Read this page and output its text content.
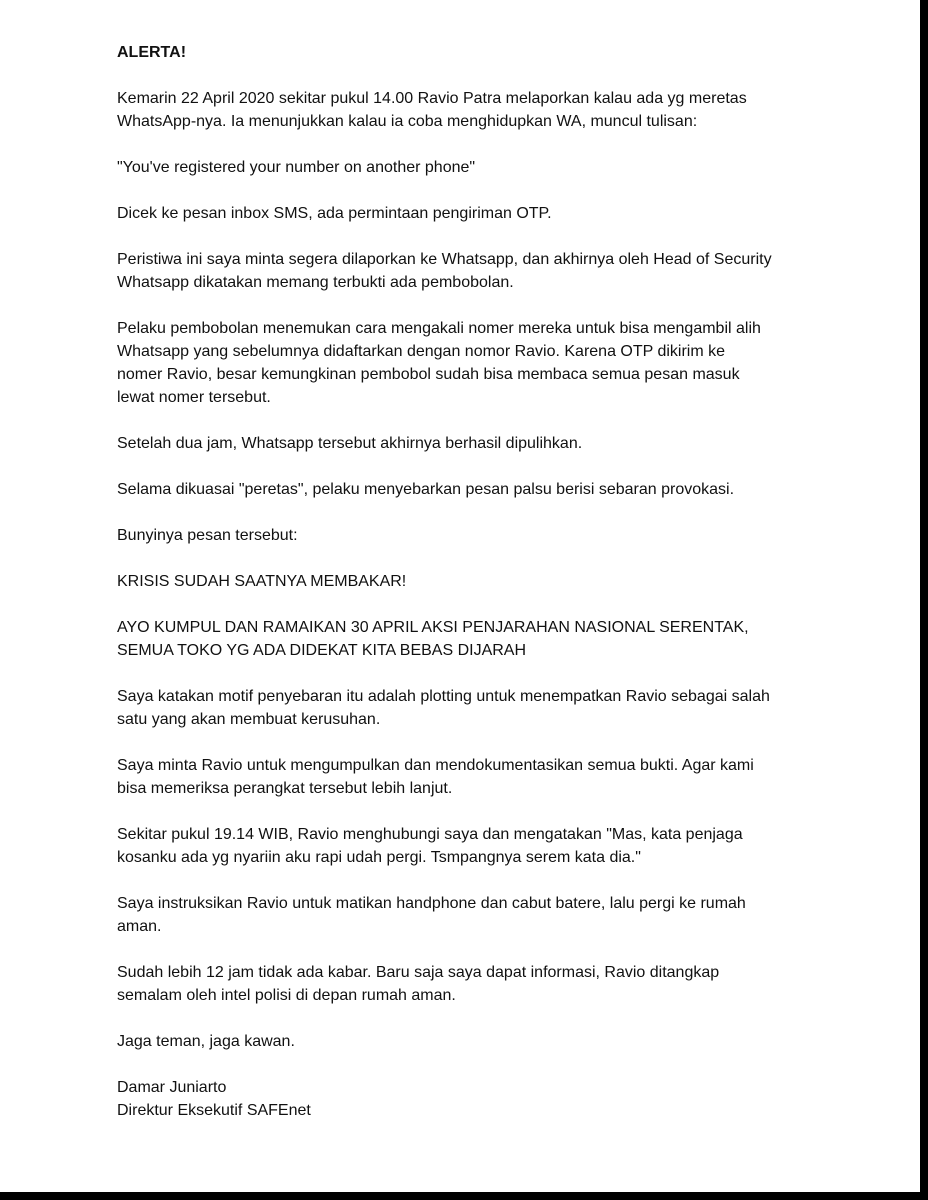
ALERTA!
Kemarin 22 April 2020 sekitar pukul 14.00 Ravio Patra melaporkan kalau ada yg meretas
WhatsApp-nya. Ia menunjukkan kalau ia coba menghidupkan WA, muncul tulisan:
"You've registered your number on another phone"
Dicek ke pesan inbox SMS, ada permintaan pengiriman OTP.
Peristiwa ini saya minta segera dilaporkan ke Whatsapp, dan akhirnya oleh Head of Security
Whatsapp dikatakan memang terbukti ada pembobolan.
Pelaku pembobolan menemukan cara mengakali nomer mereka untuk bisa mengambil alih
Whatsapp yang sebelumnya didaftarkan dengan nomor Ravio. Karena OTP dikirim ke
nomer Ravio, besar kemungkinan pembobol sudah bisa membaca semua pesan masuk
lewat nomer tersebut.
Setelah dua jam, Whatsapp tersebut akhirnya berhasil dipulihkan.
Selama dikuasai "peretas", pelaku menyebarkan pesan palsu berisi sebaran provokasi.
Bunyinya pesan tersebut:
KRISIS SUDAH SAATNYA MEMBAKAR!
AYO KUMPUL DAN RAMAIKAN 30 APRIL AKSI PENJARAHAN NASIONAL SERENTAK,
SEMUA TOKO YG ADA DIDEKAT KITA BEBAS DIJARAH
Saya katakan motif penyebaran itu adalah plotting untuk menempatkan Ravio sebagai salah
satu yang akan membuat kerusuhan.
Saya minta Ravio untuk mengumpulkan dan mendokumentasikan semua bukti. Agar kami
bisa memeriksa perangkat tersebut lebih lanjut.
Sekitar pukul 19.14 WIB, Ravio menghubungi saya dan mengatakan "Mas, kata penjaga
kosanku ada yg nyariin aku rapi udah pergi. Tsmpangnya serem kata dia."
Saya instruksikan Ravio untuk matikan handphone dan cabut batere, lalu pergi ke rumah
aman.
Sudah lebih 12 jam tidak ada kabar. Baru saja saya dapat informasi, Ravio ditangkap
semalam oleh intel polisi di depan rumah aman.
Jaga teman, jaga kawan.
Damar Juniarto
Direktur Eksekutif SAFEnet
